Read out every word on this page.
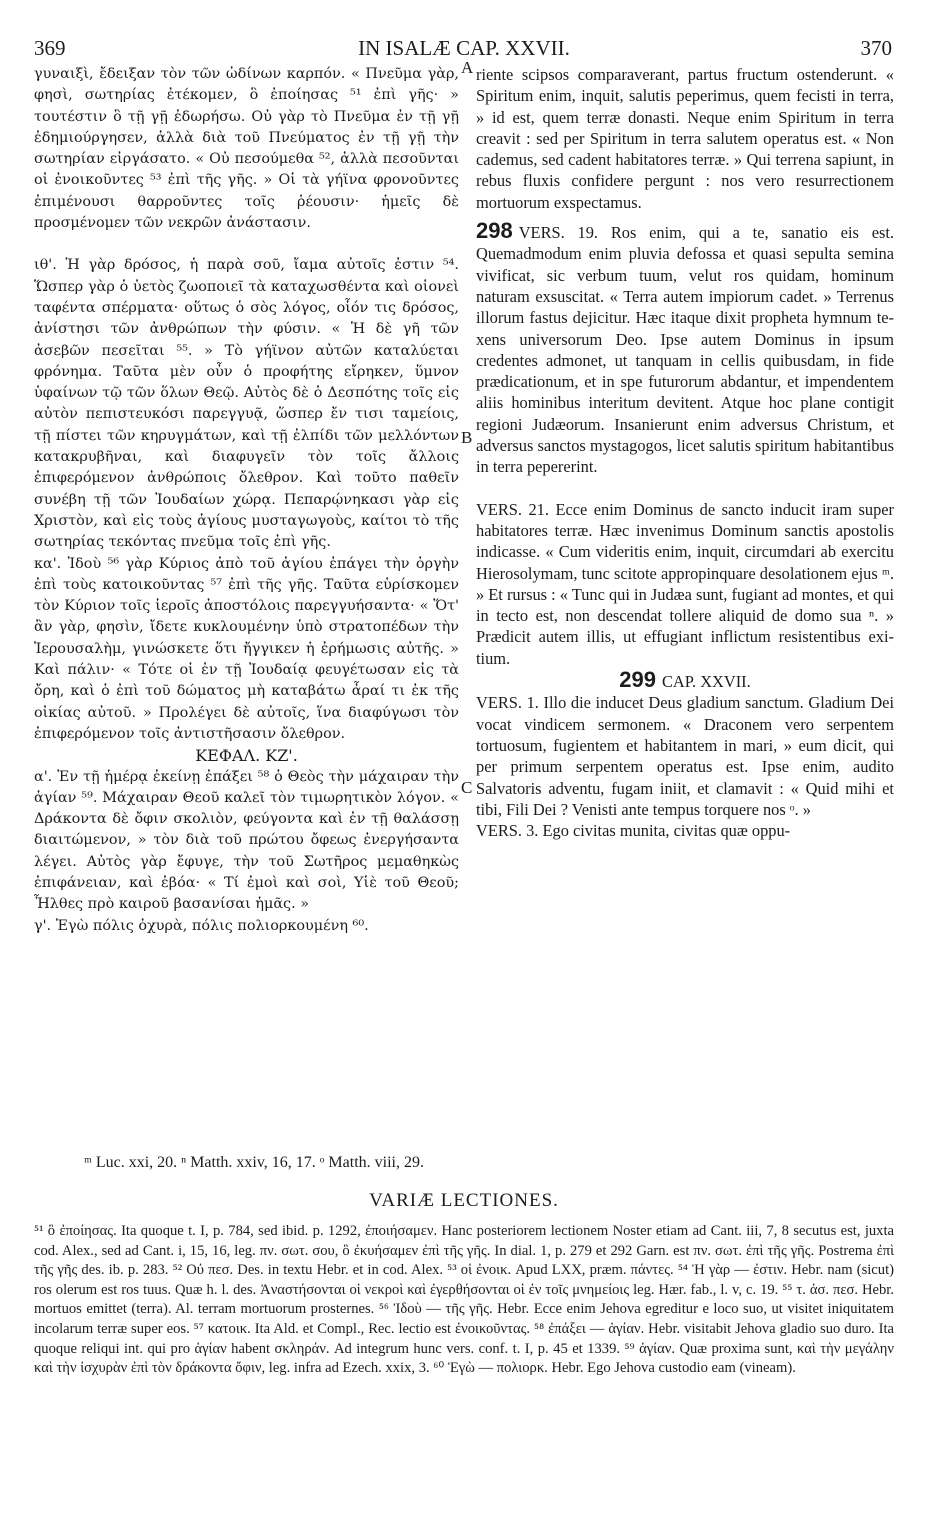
369	IN ISALÆ CAP. XXVII.	370

γυναιξὶ, ἔδειξαν τὸν τῶν ὠδίνων καρπόν. « Πνεῦμα γὰρ, φησὶ, σωτηρίας ἐτέκομεν, ὃ ἐποίησας ⁵¹ ἐπὶ γῆς· » τουτέστιν ὃ τῇ γῇ ἐδωρήσω. Οὐ γὰρ τὸ Πνεῦμα ἐν τῇ γῇ ἐδημιούργησεν, ἀλλὰ διὰ τοῦ Πνεύματος ἐν τῇ γῇ τὴν σωτηρίαν εἰργάσατο. « Οὐ πεσούμεθα ⁵², ἀλλὰ πεσοῦνται οἱ ἐνοικοῦντες ⁵³ ἐπὶ τῆς γῆς. » Οἱ τὰ γήϊνα φρονοῦντες ἐπιμένουσι θαρροῦντες τοῖς ῥέουσιν· ἡμεῖς δὲ προσμένομεν τῶν νεκρῶν ἀνάστασιν.

ιθ'. Ἡ γὰρ δρόσος, ἡ παρὰ σοῦ, ἴαμα αὐτοῖς ἐστιν ⁵⁴. Ὥσπερ γὰρ ὁ ὑετὸς ζωοποιεῖ τὰ καταχωσθέντα καὶ οἱονεὶ ταφέντα σπέρματα· οὕτως ὁ σὸς λόγος, οἷόν τις δρόσος, ἀνίστησι τῶν ἀνθρώπων τὴν φύσιν. « Ἡ δὲ γῆ τῶν ἀσεβῶν πεσεῖται ⁵⁵. » Τὸ γήϊνον αὐτῶν καταλύεται φρόνημα. Ταῦτα μὲν οὖν ὁ προφήτης εἴρηκεν, ὕμνον ὑφαίνων τῷ τῶν ὅλων Θεῷ. Αὐτὸς δὲ ὁ Δεσπότης τοῖς εἰς αὐτὸν πεπιστευκόσι παρεγγυᾷ, ὥσπερ ἔν τισι ταμείοις, τῇ πίστει τῶν κηρυγμάτων, καὶ τῇ ἐλπίδι τῶν μελλόντων κατακρυβῆναι, καὶ διαφυγεῖν τὸν τοῖς ἄλλοις ἐπιφερόμενον ἀνθρώποις ὄλεθρον. Καὶ τοῦτο παθεῖν συνέβη τῇ τῶν Ἰουδαίων χώρᾳ. Πεπαρῴνηκασι γὰρ εἰς Χριστὸν, καὶ εἰς τοὺς ἁγίους μυσταγωγοὺς, καίτοι τὸ τῆς σωτηρίας τεκόντας πνεῦμα τοῖς ἐπὶ γῆς.

κα'. Ἰδοὺ ⁵⁶ γὰρ Κύριος ἀπὸ τοῦ ἁγίου ἐπάγει τὴν ὀργὴν ἐπὶ τοὺς κατοικοῦντας ⁵⁷ ἐπὶ τῆς γῆς. Ταῦτα εὑρίσκομεν τὸν Κύριον τοῖς ἱεροῖς ἀποστόλοις παρεγγυήσαντα· « Ὅτ' ἂν γὰρ, φησὶν, ἴδετε κυκλουμένην ὑπὸ στρατοπέδων τὴν Ἱερουσαλὴμ, γινώσκετε ὅτι ἤγγικεν ἡ ἐρήμωσις αὐτῆς. » Καὶ πάλιν· « Τότε οἱ ἐν τῇ Ἰουδαίᾳ φευγέτωσαν εἰς τὰ ὄρη, καὶ ὁ ἐπὶ τοῦ δώματος μὴ καταβάτω ἆραί τι ἐκ τῆς οἰκίας αὐτοῦ. » Προλέγει δὲ αὐτοῖς, ἵνα διαφύγωσι τὸν ἐπιφερόμενον τοῖς ἀντιστῆσασιν ὄλεθρον.

ΚΕΦΑΛ. ΚΖ'.

α'. Ἐν τῇ ἡμέρᾳ ἐκείνῃ ἐπάξει ⁵⁸ ὁ Θεὸς τὴν μάχαιραν τὴν ἁγίαν ⁵⁹. Μάχαιραν Θεοῦ καλεῖ τὸν τιμωρητικὸν λόγον. « Δράκοντα δὲ ὄφιν σκολιὸν, φεύγοντα καὶ ἐν τῇ θαλάσσῃ διαιτώμενον, » τὸν διὰ τοῦ πρώτου ὄφεως ἐνεργήσαντα λέγει. Αὐτὸς γὰρ ἔφυγε, τὴν τοῦ Σωτῆρος μεμαθηκὼς ἐπιφάνειαν, καὶ ἐβόα· « Τί ἐμοὶ καὶ σοὶ, Υἱὲ τοῦ Θεοῦ; Ἦλθες πρὸ καιροῦ βασανίσαι ἡμᾶς. »

γ'. Ἐγὼ πόλις ὀχυρὰ, πόλις πολιορκουμένη ⁶⁰.

riente scipsos comparaverant, partus fructum ostenderunt. « Spiritum enim, inquit, salutis peperimus, quem fecisti in terra, » id est, quem terræ donasti. Neque enim Spiritum in terra creavit : sed per Spiritum in terra salutem operatus est. « Non cademus, sed cadent habitatores terræ. » Qui terrena sapiunt, in rebus fluxis confidere pergunt : nos vero resurrectionem mortuorum exspectamus.

298 VERS. 19. Ros enim, qui a te, sanatio eis est. Quemadmodum enim pluvia defossa et quasi sepulta semina vivificat, sic verbum tuum, velut ros quidam, hominum naturam exsuscitat. « Terra autem impiorum cadet. » Terrenus illorum fastus dejicitur. Hæc itaque dixit propheta hymnum texens universorum Deo. Ipse autem Dominus in ipsum credentes admonet, ut tanquam in cellis quibusdam, in fide prædicationum, et in spe futurorum abdantur, et impendentem aliis hominibus interitum devitent. Atque hoc plane contigit regioni Judæorum. Insanierunt enim adversus Christum, et adversus sanctos mystagogos, licet salutis spiritum habitantibus in terra pepererint.

VERS. 21. Ecce enim Dominus de sancto inducit iram super habitatores terræ. Hæc invenimus Dominum sanctis apostolis indicasse. « Cum videritis enim, inquit, circumdari ab exercitu Hierosolymam, tunc scitote appropinquare desolationem ejus ᵐ. » Et rursus : « Tunc qui in Judæa sunt, fugiant ad montes, et qui in tecto est, non descendat tollere aliquid de domo sua ⁿ. » Prædicit autem illis, ut effugiant inflictum resistentibus exitium.

299 CAP. XXVII.

VERS. 1. Illo die inducet Deus gladium sanctum. Gladium Dei vocat vindicem sermonem. « Draconem vero serpentem tortuosum, fugientem et habitantem in mari, » eum dicit, qui per primum serpentem operatus est. Ipse enim, audito Salvatoris adventu, fugam iniit, et clamavit : « Quid mihi et tibi, Fili Dei ? Venisti ante tempus torquere nos ᵒ. »

VERS. 3. Ego civitas munita, civitas quæ oppu-

A
B
C
ᵐ Luc. xxi, 20. ⁿ Matth. xxiv, 16, 17. ᵒ Matth. viii, 29.
VARIÆ LECTIONES.
⁵¹ ὃ ἐποίησας. Ita quoque t. I, p. 784, sed ibid. p. 1292, ἐποιήσαμεν. Hanc posteriorem lectionem Noster etiam ad Cant. iii, 7, 8 secutus est, juxta cod. Alex., sed ad Cant. i, 15, 16, leg. πν. σωτ. σου, ὃ ἐκυήσαμεν ἐπὶ τῆς γῆς. In dial. 1, p. 279 et 292 Garn. est πν. σωτ. ἐπὶ τῆς γῆς. Postrema ἐπὶ τῆς γῆς des. ib. p. 283. ⁵² Οὐ πεσ. Des. in textu Hebr. et in cod. Alex. ⁵³ οἱ ἐνοικ. Apud LXX, præm. πάντες. ⁵⁴ Ἡ γὰρ — ἐστιν. Hebr. nam (sicut) ros olerum est ros tuus. Quæ h. l. des. Ἀναστήσονται οἱ νεκροὶ καὶ ἐγερθήσονται οἱ ἐν τοῖς μνημείοις leg. Hær. fab., l. v, c. 19. ⁵⁵ τ. ἀσ. πεσ. Hebr. mortuos emittet (terra). Al. terram mortuorum prosternes. ⁵⁶ Ἰδοὺ — τῆς γῆς. Hebr. Ecce enim Jehova egreditur e loco suo, ut visitet iniquitatem incolarum terræ super eos. ⁵⁷ κατοικ. Ita Ald. et Compl., Rec. lectio est ἐνοικοῦντας. ⁵⁸ ἐπάξει — ἁγίαν. Hebr. visitabit Jehova gladio suo duro. Ita quoque reliqui int. qui pro ἁγίαν habent σκληράν. Ad integrum hunc vers. conf. t. I, p. 45 et 1339. ⁵⁹ ἁγίαν. Quæ proxima sunt, καὶ τὴν μεγάλην καὶ τὴν ἰσχυρὰν ἐπὶ τὸν δράκοντα ὄφιν, leg. infra ad Ezech. xxix, 3. ⁶⁰ Ἐγὼ — πολιορκ. Hebr. Ego Jehova custodio eam (vineam).
